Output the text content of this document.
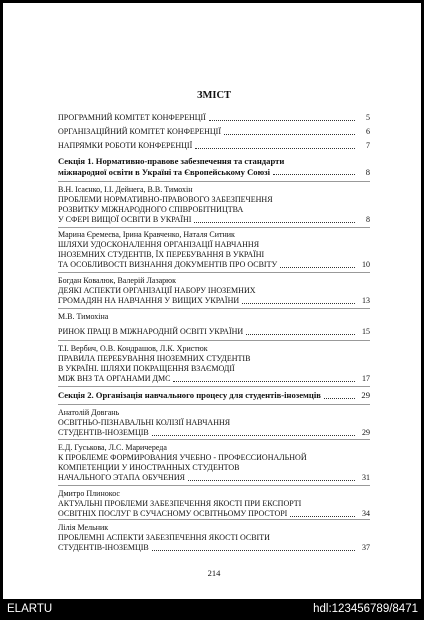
ЗМІСТ
ПРОГРАМНИЙ КОМІТЕТ КОНФЕРЕНЦІЇ	5
ОРГАНІЗАЦІЙНИЙ КОМІТЕТ КОНФЕРЕНЦІЇ	6
НАПРЯМКИ РОБОТИ КОНФЕРЕНЦІЇ	7
Секція 1. Нормативно-правове забезпечення та стандарти
міжнародної освіти в Україні та Європейському Союзі	8
В.Н. Ісаєнко, І.І. Дейнега, В.В. Тимохін
ПРОБЛЕМИ НОРМАТИВНО-ПРАВОВОГО ЗАБЕЗПЕЧЕННЯ
РОЗВИТКУ МІЖНАРОДНОГО СПІВРОБІТНИЦТВА
У СФЕРІ ВИЩОЇ ОСВІТИ В УКРАЇНІ	8
Марина Єремеєва, Ірина Кравченко, Наталя Ситник
ШЛЯХИ УДОСКОНАЛЕННЯ ОРГАНІЗАЦІЇ НАВЧАННЯ
ІНОЗЕМНИХ СТУДЕНТІВ, ЇХ ПЕРЕБУВАННЯ В УКРАЇНІ
ТА ОСОБЛИВОСТІ ВИЗНАННЯ ДОКУМЕНТІВ ПРО ОСВІТУ	10
Богдан Ковалюк, Валерій Лазарюк
ДЕЯКІ АСПЕКТИ ОРГАНІЗАЦІЇ НАБОРУ ІНОЗЕМНИХ
ГРОМАДЯН НА НАВЧАННЯ У ВИЩИХ УКРАЇНИ	13
М.В. Тимохіна
РИНОК ПРАЦІ В МІЖНАРОДНІЙ ОСВІТІ УКРАЇНИ	15
Т.І. Вербич, О.В. Кондрашов, Л.К. Христюк
ПРАВИЛА ПЕРЕБУВАННЯ ІНОЗЕМНИХ СТУДЕНТІВ
В УКРАЇНІ. ШЛЯХИ ПОКРАЩЕННЯ ВЗАЄМОДІЇ
МІЖ ВНЗ ТА ОРГАНАМИ ДМС	17
Секція 2. Організація навчального процесу для студентів-іноземців	29
Анатолій Довгань
ОСВІТНЬО-ПІЗНАВАЛЬНІ КОЛІЗІЇ НАВЧАННЯ
СТУДЕНТІВ-ІНОЗЕМЦІВ	29
Е.Д. Гуськова, Л.С. Маричереда
К ПРОБЛЕМЕ ФОРМИРОВАНИЯ УЧЕБНО - ПРОФЕССИОНАЛЬНОЙ
КОМПЕТЕНЦИИ У ИНОСТРАННЫХ СТУДЕНТОВ
НАЧАЛЬНОГО ЭТАПА ОБУЧЕНИЯ	31
Дмитро Плинокос
АКТУАЛЬНІ ПРОБЛЕМИ ЗАБЕЗПЕЧЕННЯ ЯКОСТІ ПРИ ЕКСПОРТІ
ОСВІТНІХ ПОСЛУГ В СУЧАСНОМУ ОСВІТНЬОМУ ПРОСТОРІ	34
Лілія Мельник
ПРОБЛЕМНІ АСПЕКТИ ЗАБЕЗПЕЧЕННЯ ЯКОСТІ ОСВІТИ
СТУДЕНТІВ-ІНОЗЕМЦІВ	37
214
ELARTU	hdl:123456789/8471
